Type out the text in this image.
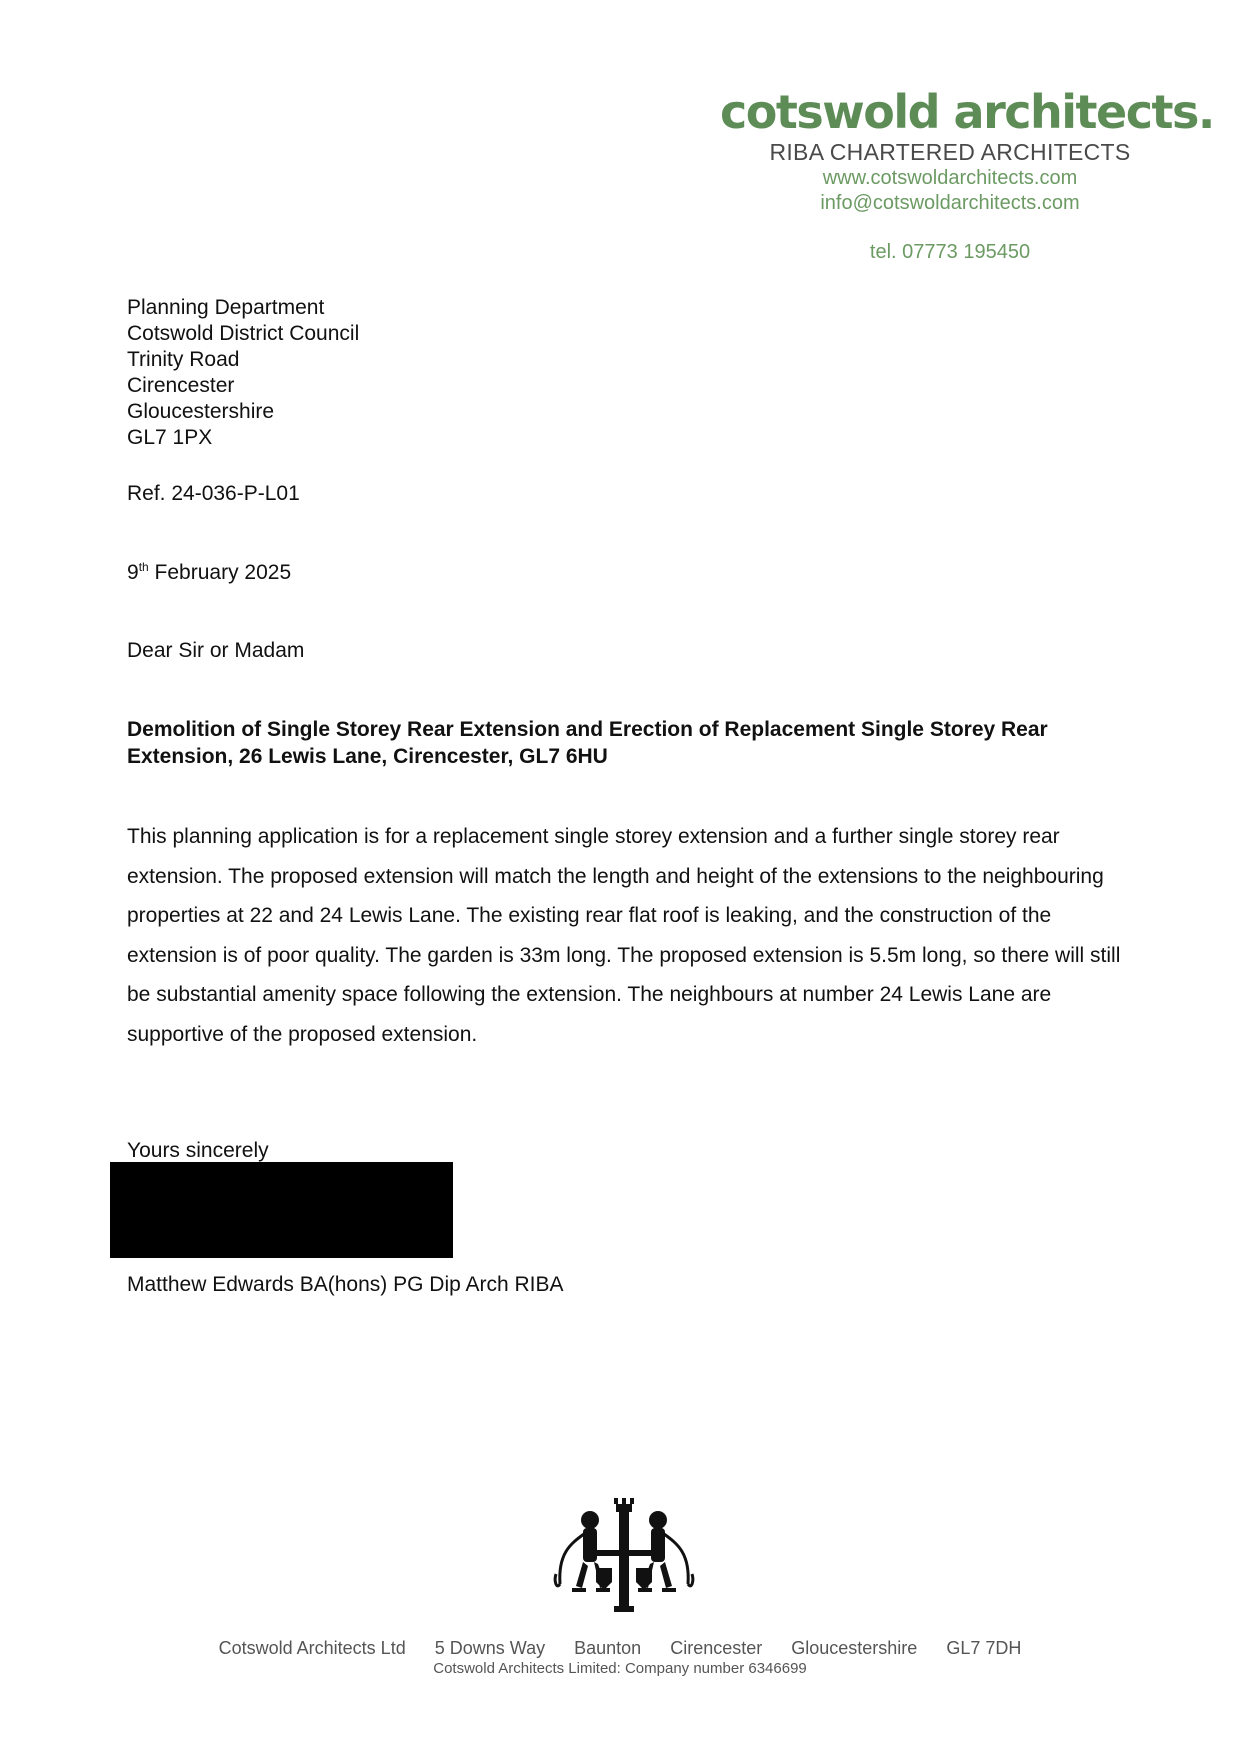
cotswold architects.
RIBA CHARTERED ARCHITECTS
www.cotswoldarchitects.com
info@cotswoldarchitects.com
tel. 07773 195450
Planning Department
Cotswold District Council
Trinity Road
Cirencester
Gloucestershire
GL7 1PX
Ref. 24-036-P-L01
9th February 2025
Dear Sir or Madam
Demolition of Single Storey Rear Extension and Erection of Replacement Single Storey Rear Extension, 26 Lewis Lane, Cirencester, GL7 6HU
This planning application is for a replacement single storey extension and a further single storey rear extension. The proposed extension will match the length and height of the extensions to the neighbouring properties at 22 and 24 Lewis Lane. The existing rear flat roof is leaking, and the construction of the extension is of poor quality. The garden is 33m long. The proposed extension is 5.5m long, so there will still be substantial amenity space following the extension. The neighbours at number 24 Lewis Lane are supportive of the proposed extension.
Yours sincerely
Matthew Edwards BA(hons) PG Dip Arch RIBA
Cotswold Architects Ltd 5 Downs Way Baunton Cirencester Gloucestershire GL7 7DH
Cotswold Architects Limited: Company number 6346699
